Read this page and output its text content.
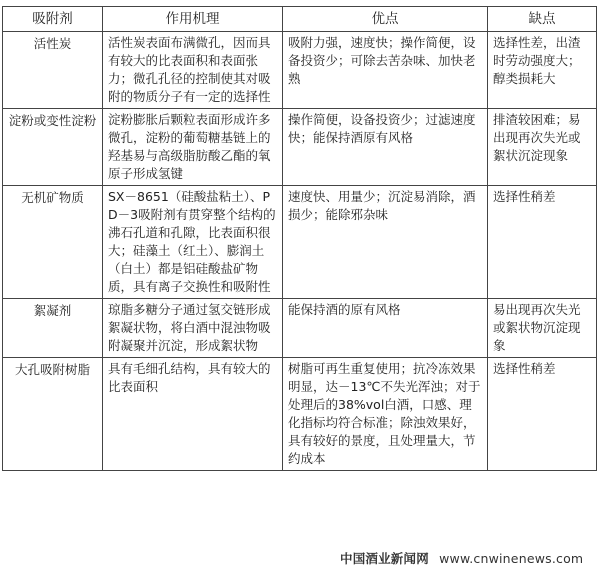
吸附剂	作用机理	优点	缺点
活性炭	活性炭表面布满微孔，因而具有较大的比表面积和表面张力；微孔孔径的控制使其对吸附的物质分子有一定的选择性	吸附力强，速度快；操作简便，设备投资少；可除去苦杂味、加快老熟	选择性差，出渣时劳动强度大；醇类损耗大
淀粉或变性淀粉	淀粉膨胀后颗粒表面形成许多微孔，淀粉的葡萄糖基链上的羟基易与高级脂肪酸乙酯的氧原子形成氢键	操作简便，设备投资少；过滤速度快；能保持酒原有风格	排渣较困难；易出现再次失光或絮状沉淀现象
无机矿物质	SX－8651（硅酸盐粘土）、PD－3吸附剂有贯穿整个结构的沸石孔道和孔隙，比表面积很大；硅藻土（红土）、膨润土（白土）都是铝硅酸盐矿物质，具有离子交换性和吸附性	速度快、用量少；沉淀易消除，酒损少；能除邪杂味	选择性稍差
絮凝剂	琼脂多糖分子通过氢交链形成絮凝状物，将白酒中混浊物吸附凝聚并沉淀，形成絮状物	能保持酒的原有风格	易出现再次失光或絮状物沉淀现象
大孔吸附树脂	具有毛细孔结构，具有较大的比表面积	树脂可再生重复使用；抗冷冻效果明显，达－13℃不失光浑浊；对于处理后的38%vol白酒，口感、理化指标均符合标准；除浊效果好，具有较好的景度，且处理量大，节约成本	选择性稍差
中国酒业新闻网 www.cnwinenews.com
